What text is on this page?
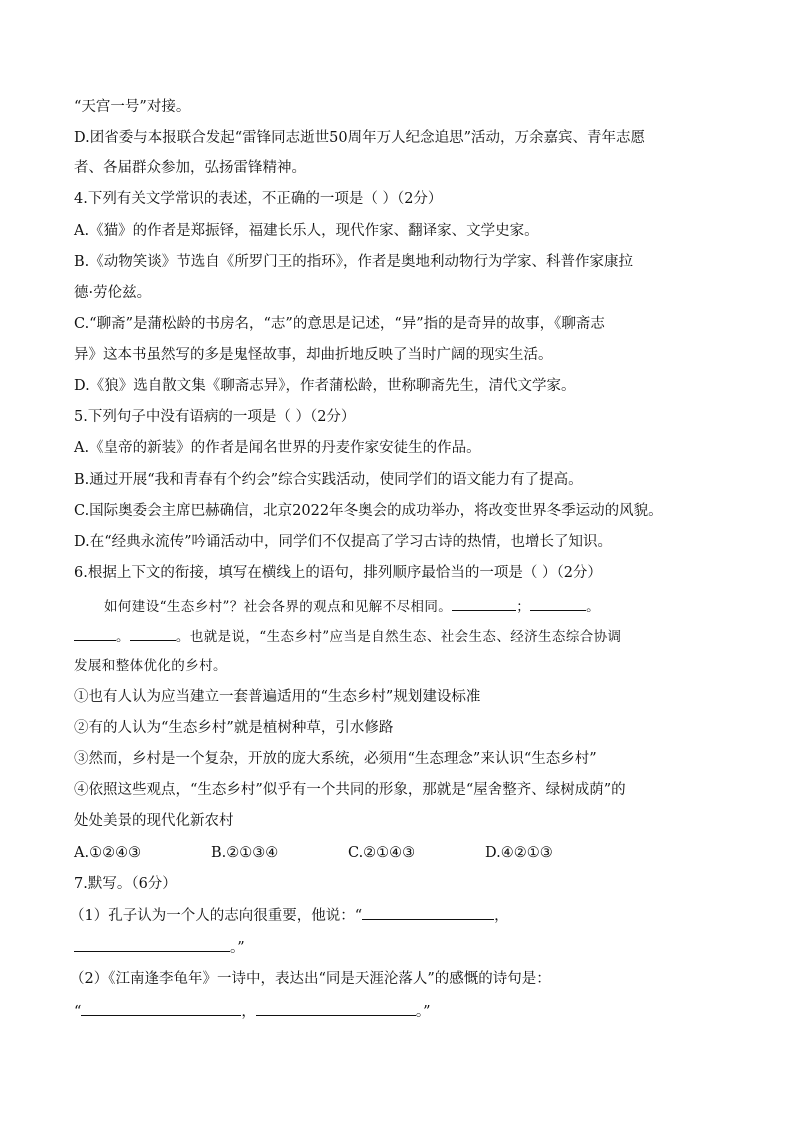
“天宫一号”对接。
D.团省委与本报联合发起“雷锋同志逝世50周年万人纪念追思”活动，万余嘉宾、青年志愿
者、各届群众参加，弘扬雷锋精神。
4.下列有关文学常识的表述，不正确的一项是（ ）（2分）
A.《猫》的作者是郑振铎，福建长乐人，现代作家、翻译家、文学史家。
B.《动物笑谈》节选自《所罗门王的指环》，作者是奥地利动物行为学家、科普作家康拉
德·劳伦兹。
C.“聊斋”是蒲松龄的书房名，“志”的意思是记述，“异”指的是奇异的故事，《聊斋志
异》这本书虽然写的多是鬼怪故事，却曲折地反映了当时广阔的现实生活。
D.《狼》选自散文集《聊斋志异》，作者蒲松龄，世称聊斋先生，清代文学家。
5.下列句子中没有语病的一项是（ ）（2分）
A.《皇帝的新装》的作者是闻名世界的丹麦作家安徒生的作品。
B.通过开展“我和青春有个约会”综合实践活动，使同学们的语文能力有了提高。
C.国际奥委会主席巴赫确信，北京2022年冬奥会的成功举办，将改变世界冬季运动的风貌。
D.在“经典永流传”吟诵活动中，同学们不仅提高了学习古诗的热情，也增长了知识。
6.根据上下文的衔接，填写在横线上的语句，排列顺序最恰当的一项是（ ）（2分）
如何建设“生态乡村”？社会各界的观点和见解不尽相同。	；	。
。	。也就是说，“生态乡村”应当是自然生态、社会生态、经济生态综合协调
发展和整体优化的乡村。
①也有人认为应当建立一套普遍适用的“生态乡村”规划建设标准
②有的人认为“生态乡村”就是植树种草，引水修路
③然而，乡村是一个复杂，开放的庞大系统，必须用“生态理念”来认识“生态乡村”
④依照这些观点，“生态乡村”似乎有一个共同的形象，那就是“屋舍整齐、绿树成荫”的
处处美景的现代化新农村
A.①②④③	B.②①③④	C.②①④③	D.④②①③
7.默写。（6分）
（1）孔子认为一个人的志向很重要，他说：“	，
。”
（2）《江南逢李龟年》一诗中，表达出“同是天涯沦落人”的感慨的诗句是：
“	，	。”
